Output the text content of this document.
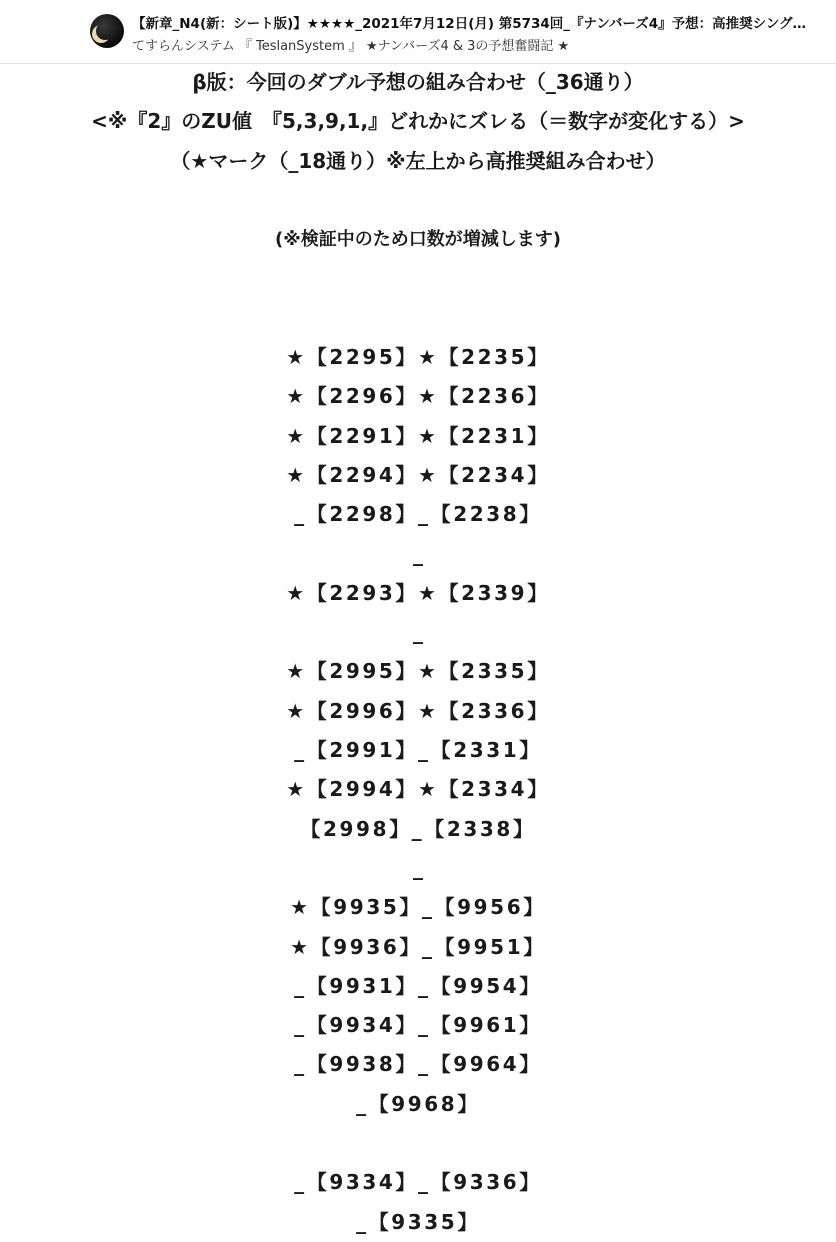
【新章_N4(新：シート版)】★★★★_2021年7月12日(月) 第5734回_『ナンバーズ4』予想：高推奨シング…
てすらんシステム 『 TeslanSystem 』 ★ナンバーズ4 & 3の予想奮闘記 ★
β版：今回のダブル予想の組み合わせ（_36通り）
<※『2』のZU値　『5,3,9,1,』どれかにズレる（＝数字が変化する）>
（★マーク（_18通り）※左上から高推奨組み合わせ）
(※検証中のため口数が増減します)
★【2295】★【2235】
★【2296】★【2236】
★【2291】★【2231】
★【2294】★【2234】
_【2298】_【2238】
_
★【2293】★【2339】
_
★【2995】★【2335】
★【2996】★【2336】
_【2991】_【2331】
★【2994】★【2334】
【2998】_【2338】
_
★【9935】_【9956】
★【9936】_【9951】
_【9931】_【9954】
_【9934】_【9961】
_【9938】_【9964】
_【9968】
_【9334】_【9336】
_【9335】
